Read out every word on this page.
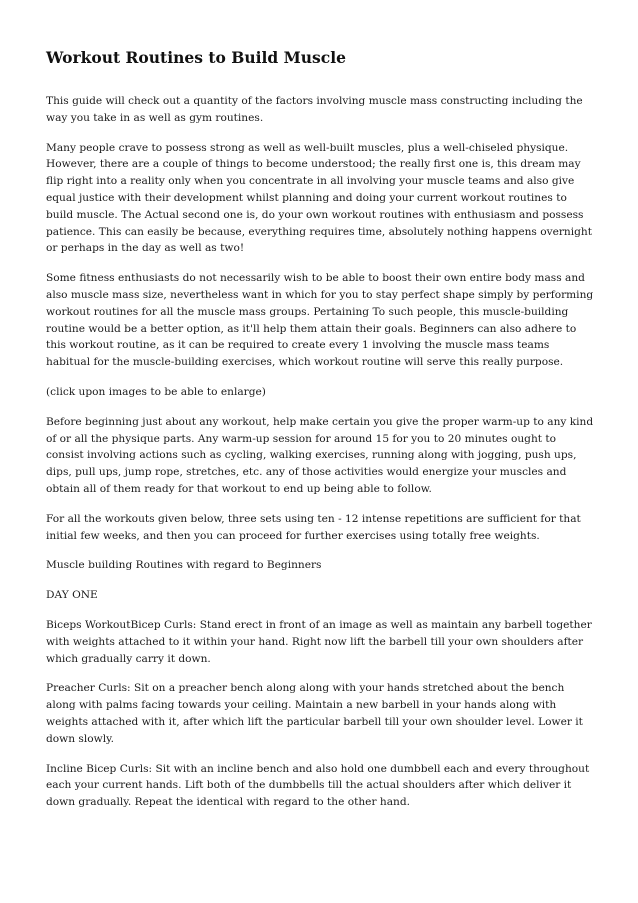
Workout Routines to Build Muscle

This guide will check out a quantity of the factors involving muscle mass constructing including the way you take in as well as gym routines.

Many people crave to possess strong as well as well-built muscles, plus a well-chiseled physique. However, there are a couple of things to become understood; the really first one is, this dream may flip right into a reality only when you concentrate in all involving your muscle teams and also give equal justice with their development whilst planning and doing your current workout routines to build muscle. The Actual second one is, do your own workout routines with enthusiasm and possess patience. This can easily be because, everything requires time, absolutely nothing happens overnight or perhaps in the day as well as two!

Some fitness enthusiasts do not necessarily wish to be able to boost their own entire body mass and also muscle mass size, nevertheless want in which for you to stay perfect shape simply by performing workout routines for all the muscle mass groups. Pertaining To such people, this muscle-building routine would be a better option, as it'll help them attain their goals. Beginners can also adhere to this workout routine, as it can be required to create every 1 involving the muscle mass teams habitual for the muscle-building exercises, which workout routine will serve this really purpose.

(click upon images to be able to enlarge)

Before beginning just about any workout, help make certain you give the proper warm-up to any kind of or all the physique parts. Any warm-up session for around 15 for you to 20 minutes ought to consist involving actions such as cycling, walking exercises, running along with jogging, push ups, dips, pull ups, jump rope, stretches, etc. any of those activities would energize your muscles and obtain all of them ready for that workout to end up being able to follow.

For all the workouts given below, three sets using ten - 12 intense repetitions are sufficient for that initial few weeks, and then you can proceed for further exercises using totally free weights.

Muscle building Routines with regard to Beginners

DAY ONE

Biceps WorkoutBicep Curls: Stand erect in front of an image as well as maintain any barbell together with weights attached to it within your hand. Right now lift the barbell till your own shoulders after which gradually carry it down.

Preacher Curls: Sit on a preacher bench along along with your hands stretched about the bench along with palms facing towards your ceiling. Maintain a new barbell in your hands along with weights attached with it, after which lift the particular barbell till your own shoulder level. Lower it down slowly.

Incline Bicep Curls: Sit with an incline bench and also hold one dumbbell each and every throughout each your current hands. Lift both of the dumbbells till the actual shoulders after which deliver it down gradually. Repeat the identical with regard to the other hand.
